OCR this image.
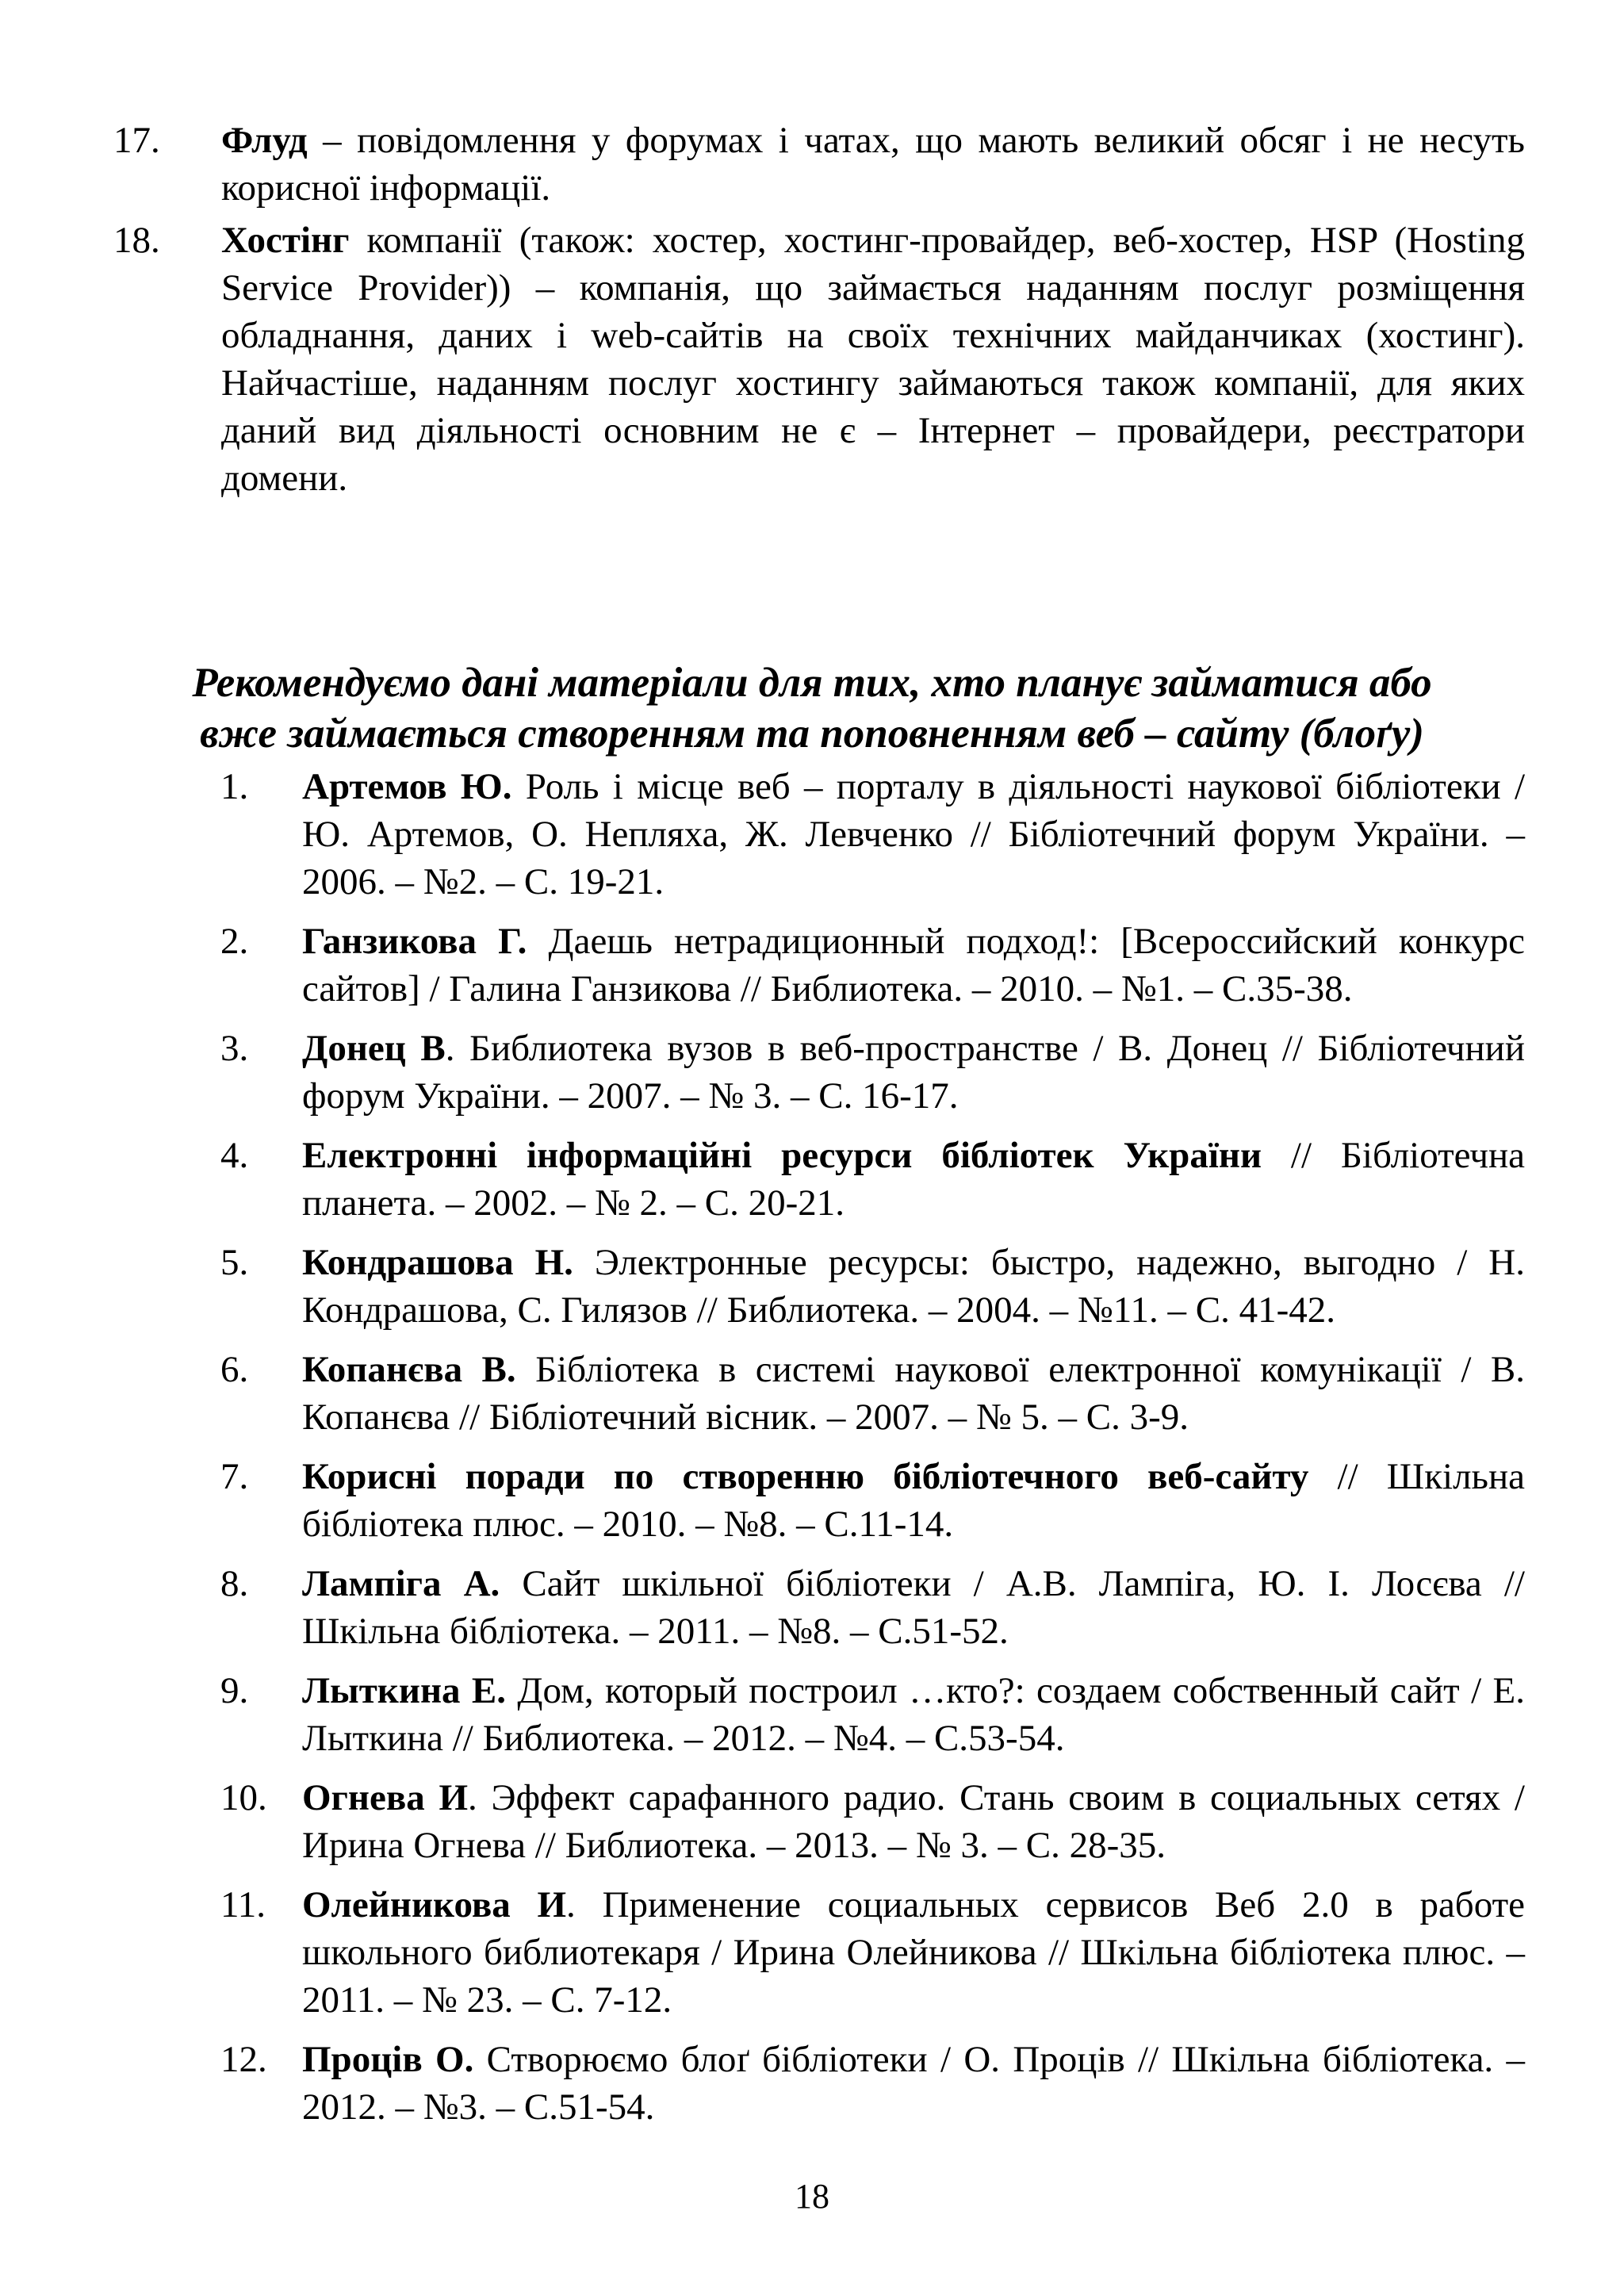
17. Флуд – повідомлення у форумах і чатах, що мають великий обсяг і не несуть корисної інформації.
18. Хостінг компанії (також: хостер, хостинг-провайдер, веб-хостер, HSP (Hosting Service Provider)) – компанія, що займається наданням послуг розміщення обладнання, даних і web-сайтів на своїх технічних майданчиках (хостинг). Найчастіше, наданням послуг хостингу займаються також компанії, для яких даний вид діяльності основним не є – Інтернет – провайдери, реєстратори домени.
Рекомендуємо дані матеріали для тих, хто планує займатися або
вже займається створенням та поповненням веб – сайту (блоґу)
1. Артемов Ю. Роль і місце веб – порталу в діяльності наукової бібліотеки / Ю. Артемов, О. Непляха, Ж. Левченко // Бібліотечний форум України. – 2006. – №2. – С. 19-21.
2. Ганзикова Г. Даешь нетрадиционный подход!: [Всероссийский конкурс сайтов] / Галина Ганзикова // Библиотека. – 2010. – №1. – С.35-38.
3. Донец В. Библиотека вузов в веб-пространстве / В. Донец // Бібліотечний форум України. – 2007. – № 3. – С. 16-17.
4. Електронні інформаційні ресурси бібліотек України // Бібліотечна планета. – 2002. – № 2. – С. 20-21.
5. Кондрашова Н. Электронные ресурсы: быстро, надежно, выгодно / Н. Кондрашова, С. Гилязов // Библиотека. – 2004. – №11. – С. 41-42.
6. Копанєва В. Бібліотека в системі наукової електронної комунікації / В. Копанєва // Бібліотечний вісник. – 2007. – № 5. – С. 3-9.
7. Корисні поради по створенню бібліотечного веб-сайту // Шкільна бібліотека плюс. – 2010. – №8. – С.11-14.
8. Лампіга А. Сайт шкільної бібліотеки / А.В. Лампіга, Ю. І. Лосєва // Шкільна бібліотека. – 2011. – №8. – С.51-52.
9. Лыткина Е. Дом, который построил …кто?: создаем собственный сайт / Е. Лыткина // Библиотека. – 2012. – №4. – С.53-54.
10. Огнева И. Эффект сарафанного радио. Стань своим в социальных сетях / Ирина Огнева // Библиотека. – 2013. – № 3. – С. 28-35.
11. Олейникова И. Применение социальных сервисов Веб 2.0 в работе школьного библиотекаря / Ирина Олейникова // Шкільна бібліотека плюс. – 2011. – № 23. – С. 7-12.
12. Проців О. Створюємо блоґ бібліотеки / О. Проців // Шкільна бібліотека. – 2012. – №3. – С.51-54.
18
